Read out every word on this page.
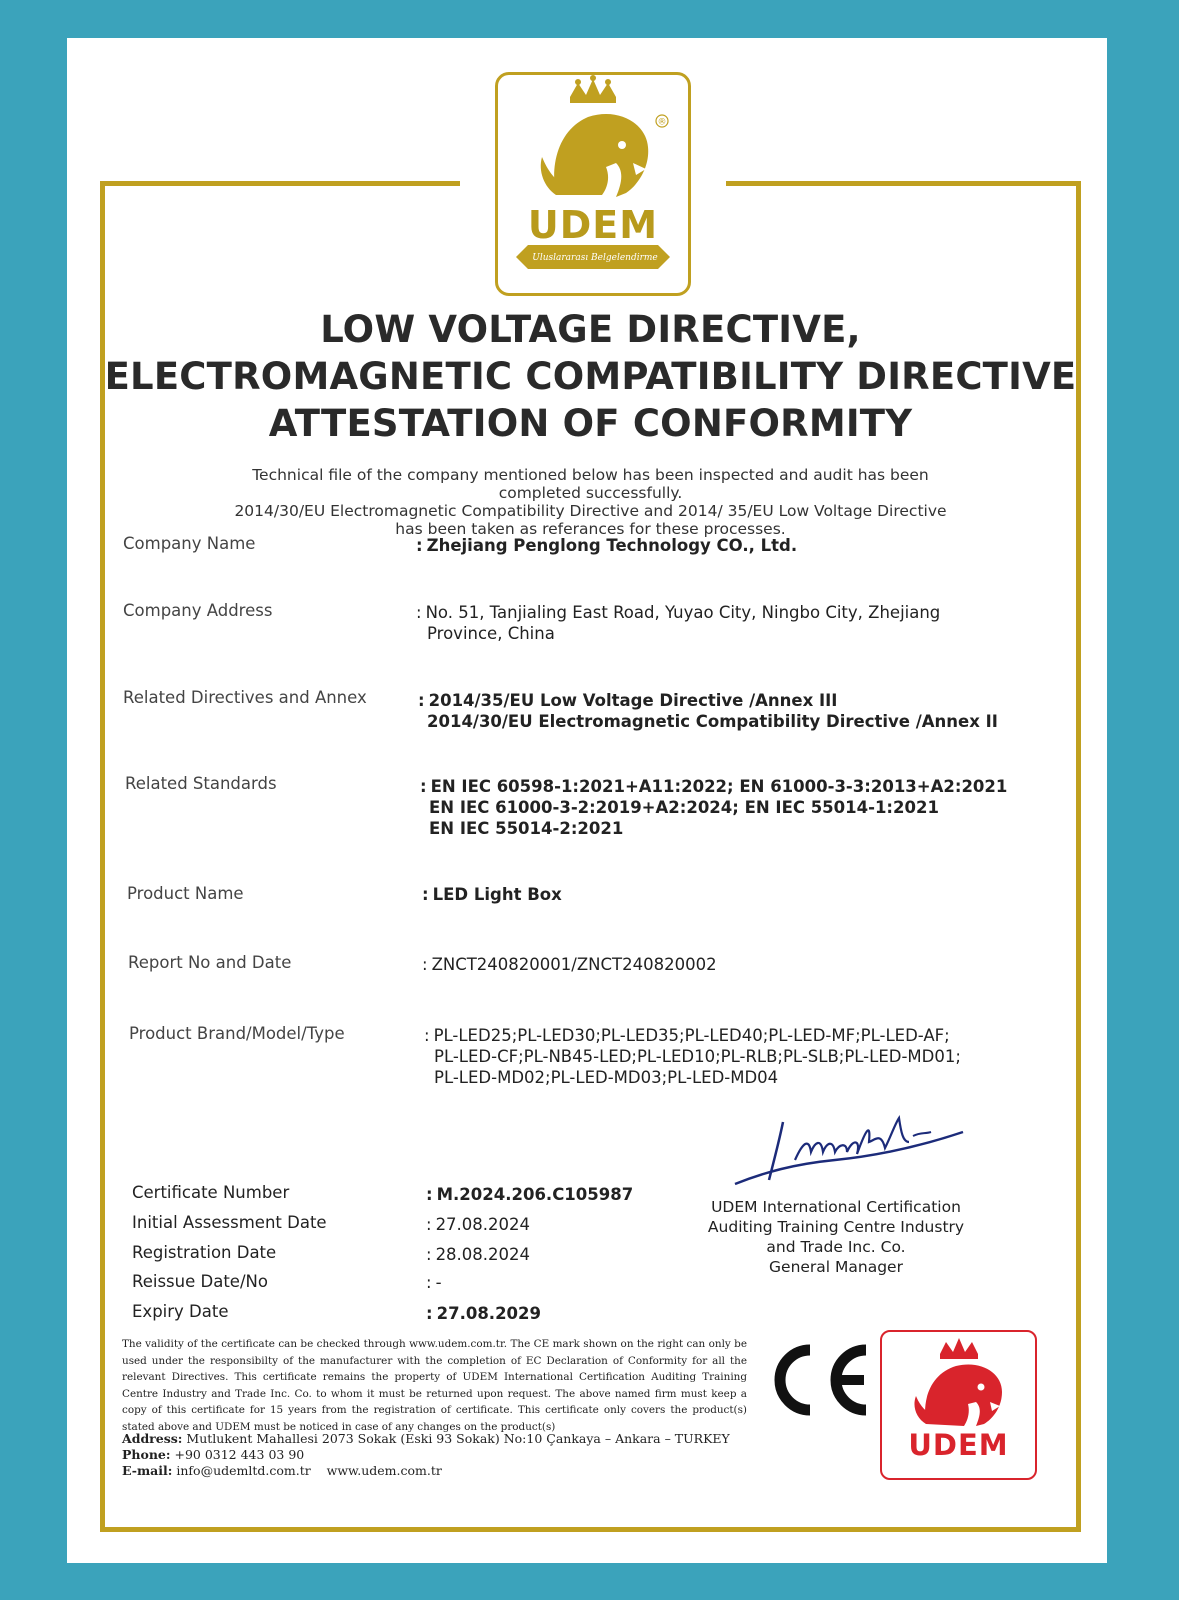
®
UDEM
Uluslararası Belgelendirme
LOW VOLTAGE DIRECTIVE,
ELECTROMAGNETIC COMPATIBILITY DIRECTIVE
ATTESTATION OF CONFORMITY
Technical file of the company mentioned below has been inspected and audit has been
completed successfully.
2014/30/EU Electromagnetic Compatibility Directive and 2014/ 35/EU Low Voltage Directive
has been taken as referances for these processes.
Company Name	: Zhejiang Penglong Technology CO., Ltd.
Company Address	: No. 51, Tanjialing East Road, Yuyao City, Ningbo City, Zhejiang
Province, China
Related Directives and Annex	: 2014/35/EU Low Voltage Directive /Annex III
2014/30/EU Electromagnetic Compatibility Directive /Annex II
Related Standards	: EN IEC 60598-1:2021+A11:2022; EN 61000-3-3:2013+A2:2021
EN IEC 61000-3-2:2019+A2:2024; EN IEC 55014-1:2021
EN IEC 55014-2:2021
Product Name	: LED Light Box
Report No and Date	: ZNCT240820001/ZNCT240820002
Product Brand/Model/Type	: PL-LED25;PL-LED30;PL-LED35;PL-LED40;PL-LED-MF;PL-LED-AF;
PL-LED-CF;PL-NB45-LED;PL-LED10;PL-RLB;PL-SLB;PL-LED-MD01;
PL-LED-MD02;PL-LED-MD03;PL-LED-MD04
Certificate Number	: M.2024.206.C105987
Initial Assessment Date	: 27.08.2024
Registration Date	: 28.08.2024
Reissue Date/No	: -
Expiry Date	: 27.08.2029
UDEM International Certification
Auditing Training Centre Industry
and Trade Inc. Co.
General Manager
The validity of the certificate can be checked through www.udem.com.tr. The CE mark shown on the right can only be used under the responsibilty of the manufacturer with the completion of EC Declaration of Conformity for all the relevant Directives. This certificate remains the property of UDEM International Certification Auditing Training Centre Industry and Trade Inc. Co. to whom it must be returned upon request. The above named firm must keep a copy of this certificate for 15 years from the registration of certificate. This certificate only covers the product(s) stated above and UDEM must be noticed in case of any changes on the product(s)
Address: Mutlukent Mahallesi 2073 Sokak (Eski 93 Sokak) No:10 Çankaya – Ankara – TURKEY
Phone: +90 0312 443 03 90
E-mail: info@udemltd.com.tr www.udem.com.tr
UDEM
